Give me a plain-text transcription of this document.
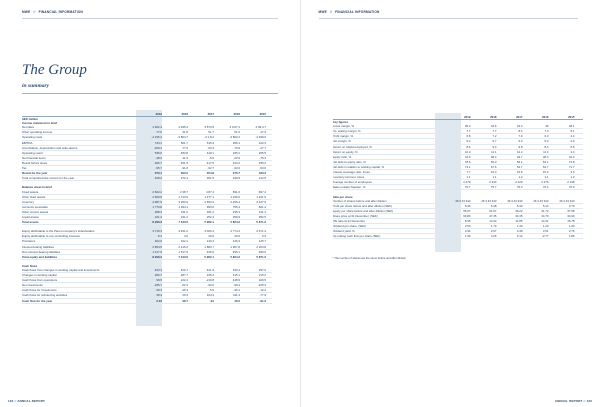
MWE // FINANCIAL INFORMATION
The Group
in summary
2019	2018	2017	2016	2015
SEK million
Income statement in brief
Net sales	4 902.4	4 295.4	3 573.5	3 0.67.1	4 99.4.7
Other operating income	77.0	31.8	51.7	51.0	47.3
Operating costs	-4 235.4	-3 804.7	-3 1.8.2	-4 803.2	-4 499.6
EBITDA	744.1	561.7	515.4	356.1	312.3
Amortisation, depreciation and write-downs	-209.1	-77.9	-63.3	-70.9	-47.7
Operating result	535.0	483.8	449.1	335.2	265.5
Net financial items	-48.3	-11.9	-5.9	-20.9	-76.3
Result before taxes	466.7	451.9	417.5	313.2	455.2
Tax	-95.7	-91.8	-62.7	-63.6	-53.6
Result for the year	370.1	360.0	354.8	276.7	183.3
Total comprehensive income for the year	408.2	372.4	301.5	349.9	212.5
Balance sheet in brief
Fixed assets	2 662.2	2 38.7	4 87.4	831.6	697.4
Other fixed assets	2 660.5	1 713.9	1 477.1	1 236.6	1 421.5
Inventory	4 987.9	3 253.9	2 653.4	2 496.4	2 447.5
Accounts receivable	1 770.8	1 394.1	993.6	756.3	821.4
Other current assets	288.4	231.6	181.2	235.3	131.1
Liquid assets	221.3	231.2	252.4	259.9	352.5
Total assets	8 296.3	7 343.6	5 962.1	5 824.2	5 871.2
Equity attributable to the Parent company's shareholders	3 716.3	3 431.2	3 026.4	2 774.4	2 471.4
Equity attributable to non-controlling interests	6.1	4.0	20.6	20.6	3.3
Provisions	302.6	162.1	140.4	126.3	125.7
Interest-bearing liabilities	2 854.5	2 416.2	1 883.7	1 967.8	2 203.8
Non-interest-bearing liabilities	1 417.9	1 517.9	915.0	935.1	699.0
Total equity and liabilities	8 296.3	7 343.6	5 962.1	5 824.2	5 871.2
Cash flows
Cash flows from changes in working capital and investments	403.3	429.7	421.9	333.4	297.0
Changes in working capital	360.7	287.7	245.2	115.1	215.2
Cash flows from operations	99.5	222.4	-210.8	448.9	329.5
Net investments	-185.7	-62.3	-92.6	-99.4	-105.3
Cash flows for investments	-49.3	-45.4	5.5	-30.1	-12.2
Cash flows for refinancing activities	38.4	29.3	164.3	311.3	-77.9
Cash flow for the year	2.12	98.7	-91	46.0	-91.3
132 // ANNUAL REPORT
MWE // FINANCIAL INFORMATION
2019	2018	2017	2016	2015
Key figures
Gross margin, %	35.4	34.6	34.4	46	48.1
Op. erating margin, %	7.7	7.7	8.4	7.4	5.1
Profit margin, %	6.8	7.2	7.9	6.3	4.4
Net margin, %	5.4	5.7	6.3	5.3	2.9
Return on capital employed, %	8.6	9.4	9.8	8.4	6.8
Return on equity, %	10.3	11.1	12.2	11.4	4.3
Equity ratio, %	44.9	48.4	49.7	48.4	42.3
Net debt to equity ratio, %	78.6	65.3	59.1	63.1	74.8
Net debt in relation to working capital, %	73.1	67.6	64.7	64.7	71.7
Interest coverage ratio, times	7.7	10.3	15.6	15.2	3.5
Inventory turnover, times	1.1	1.1	1.2	1.1	1.3
Average number of employees	2 479	2 344	2 429	2 276	2 138
Sales outside Sweden, %	76.7	75.7	76.3	76.4	76.9
Data per share
Number of shares before and after dilution	46 3 43 343	46 3 43 343	46 3 43 343	46 3 43 343	46 3 43 343
Profit per share before and after dilution (SEK)	8.36	6.48	5.32	5.14	3.76
Equity per share before and after dilution (SEK)	66.97	61.97	46.22	41.72	37.68
Share price at 31 December, (SEK)	69.80	47.45	34.35	34.70	34.90
P/E ratio at 31 December	8.35	14.04	11.85	14.31	15.78
Dividend per share, (SEK)	2.50	1.70	1.40	1.20	1.00
Dividend yield, %	3.34	3.57	4.48	3.51	2.76
Op erating cash flow per share (SEK)	1.30	3.26	3.12	-2.77	1.86
* The number of shares are the same before and after dilution
ANNUAL REPORT // 133
